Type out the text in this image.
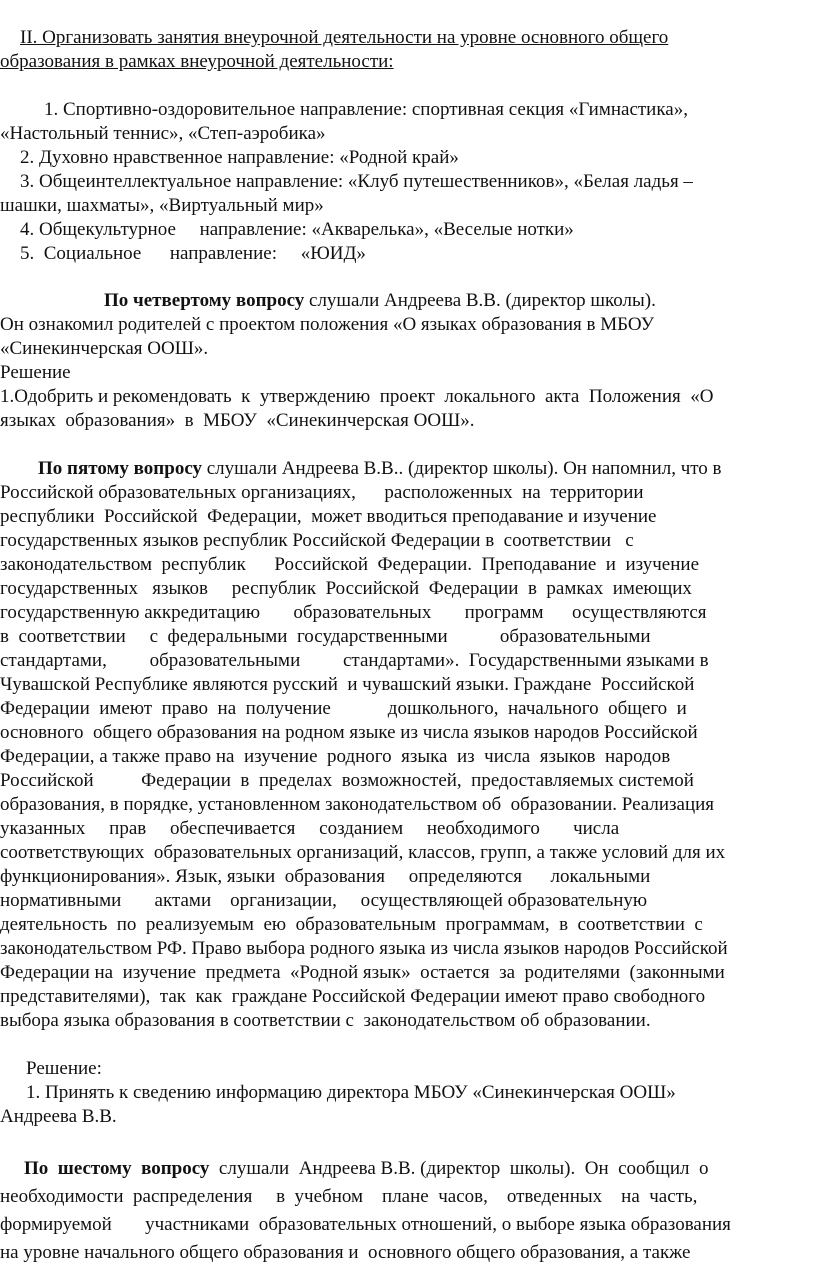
II. Организовать занятия внеурочной деятельности на уровне основного общего
образования в рамках внеурочной деятельности:
1. Спортивно-оздоровительное направление: спортивная секция «Гимнастика»,
«Настольный теннис», «Степ-аэробика»
2. Духовно нравственное направление: «Родной край»
3. Общеинтеллектуальное направление: «Клуб путешественников», «Белая ладья –
шашки, шахматы», «Виртуальный мир»
4. Общекультурное     направление: «Акварелька», «Веселые нотки»
5.  Социальное      направление:     «ЮИД»
По четвертому вопросу слушали Андреева В.В. (директор школы).
Он ознакомил родителей с проектом положения «О языках образования в МБОУ
«Синекинчерская ООШ».
Решение
1.Одобрить и рекомендовать  к  утверждению  проект  локального  акта  Положения  «О
языках  образования»  в  МБОУ  «Синекинчерская ООШ».
По пятому вопросу слушали Андреева В.В.. (директор школы). Он напомнил, что в
Российской образовательных организациях,      расположенных  на  территории
республики  Российской  Федерации,  может вводиться преподавание и изучение
государственных языков республик Российской Федерации в  соответствии   с
законодательством  республик      Российской  Федерации.  Преподавание  и  изучение
государственных   языков     республик  Российской  Федерации  в  рамках  имеющих
государственную аккредитацию       образовательных       программ      осуществляются
в  соответствии     с  федеральными  государственными           образовательными
стандартами,         образовательными         стандартами».  Государственными языками в
Чувашской Республике являются русский  и чувашский языки. Граждане  Российской
Федерации  имеют  право  на  получение            дошкольного,  начального  общего  и
основного  общего образования на родном языке из числа языков народов Российской
Федерации, а также право на  изучение  родного  языка  из  числа  языков  народов
Российской          Федерации  в  пределах  возможностей,  предоставляемых системой
образования, в порядке, установленном законодательством об  образовании. Реализация
указанных     прав     обеспечивается     созданием     необходимого       числа
соответствующих  образовательных организаций, классов, групп, а также условий для их
функционирования». Язык, языки  образования     определяются      локальными
нормативными       актами    организации,     осуществляющей образовательную
деятельность  по  реализуемым  ею  образовательным  программам,  в  соответствии  с
законодательством РФ. Право выбора родного языка из числа языков народов Российской
Федерации на  изучение  предмета  «Родной язык»  остается  за  родителями  (законными
представителями),  так  как  граждане Российской Федерации имеют право свободного
выбора языка образования в соответствии с  законодательством об образовании.
Решение:
1. Принять к сведению информацию директора МБОУ «Синекинчерская ООШ»
Андреева В.В.
По  шестому  вопросу  слушали  Андреева В.В. (директор  школы).  Он  сообщил  о
необходимости  распределения     в  учебном    плане  часов,    отведенных    на  часть,
формируемой       участниками  образовательных отношений, о выборе языка образования
на уровне начального общего образования и  основного общего образования, а также
